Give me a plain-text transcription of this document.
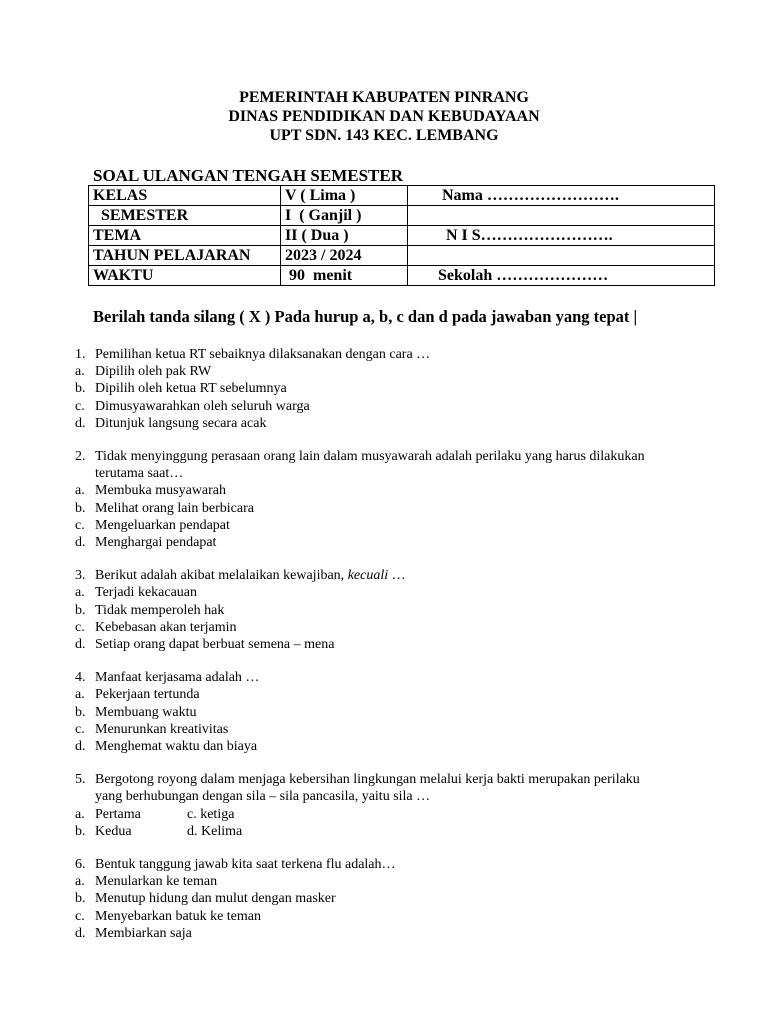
PEMERINTAH KABUPATEN PINRANG
DINAS PENDIDIKAN DAN KEBUDAYAAN
UPT SDN. 143 KEC. LEMBANG
SOAL ULANGAN TENGAH SEMESTER
KELAS	V ( Lima )	Nama …………………….
SEMESTER	I  ( Ganjil )	
TEMA	II ( Dua )	N I S…………………….
TAHUN PELAJARAN	2023 / 2024	
WAKTU	90  menit	Sekolah …………………
Berilah tanda silang ( X ) Pada hurup a, b, c dan d pada jawaban yang tepat |
1. Pemilihan ketua RT sebaiknya dilaksanakan dengan cara …
a. Dipilih oleh pak RW
b. Dipilih oleh ketua RT sebelumnya
c. Dimusyawarahkan oleh seluruh warga
d. Ditunjuk langsung secara acak
2. Tidak menyinggung perasaan orang lain dalam musyawarah adalah perilaku yang harus dilakukan
terutama saat…
a. Membuka musyawarah
b. Melihat orang lain berbicara
c. Mengeluarkan pendapat
d. Menghargai pendapat
3. Berikut adalah akibat melalaikan kewajiban, kecuali …
a. Terjadi kekacauan
b. Tidak memperoleh hak
c. Kebebasan akan terjamin
d. Setiap orang dapat berbuat semena – mena
4. Manfaat kerjasama adalah …
a. Pekerjaan tertunda
b. Membuang waktu
c. Menurunkan kreativitas
d. Menghemat waktu dan biaya
5. Bergotong royong dalam menjaga kebersihan lingkungan melalui kerja bakti merupakan perilaku
yang berhubungan dengan sila – sila pancasila, yaitu sila …
a. Pertama	c. ketiga
b. Kedua	d. Kelima
6. Bentuk tanggung jawab kita saat terkena flu adalah…
a. Menularkan ke teman
b. Menutup hidung dan mulut dengan masker
c. Menyebarkan batuk ke teman
d. Membiarkan saja
